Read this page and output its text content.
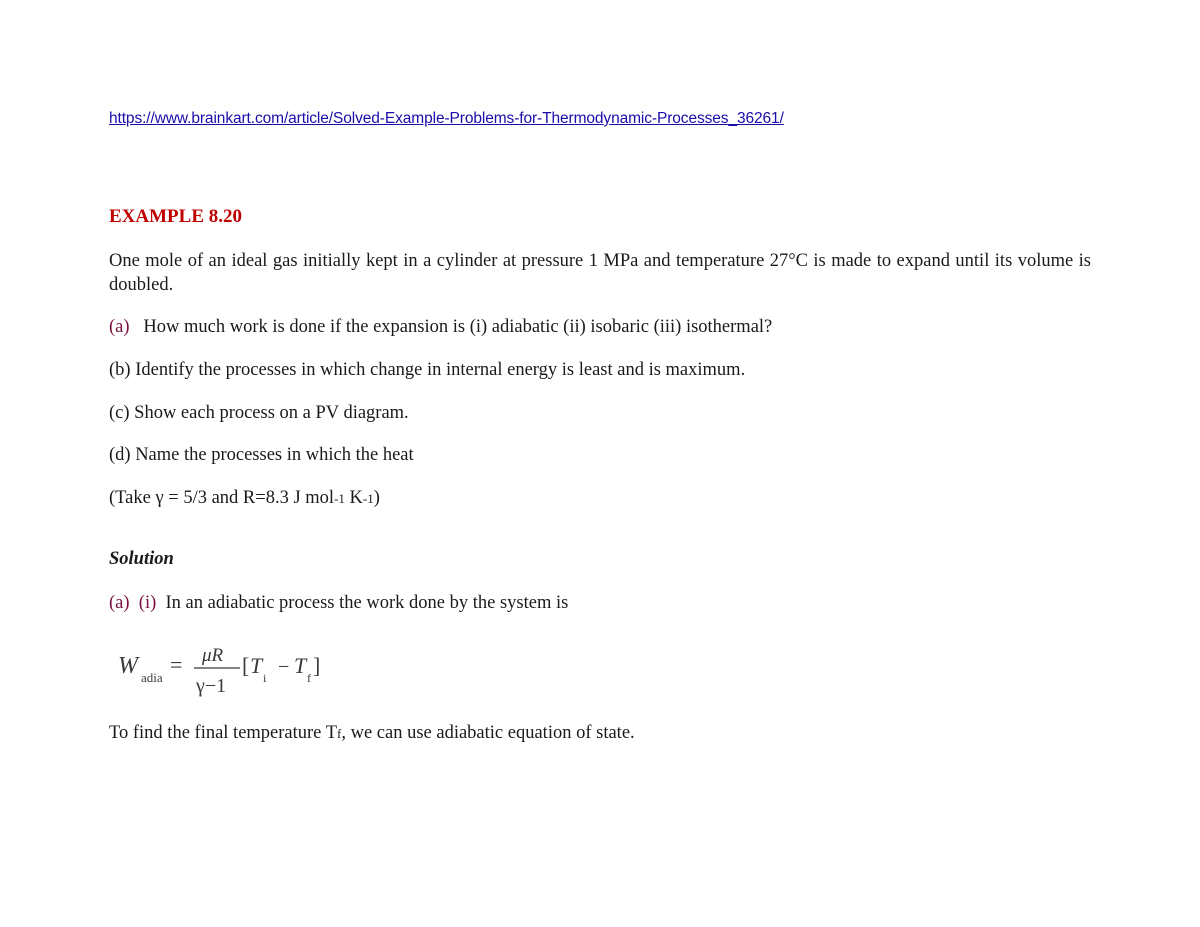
https://www.brainkart.com/article/Solved-Example-Problems-for-Thermodynamic-Processes_36261/
EXAMPLE 8.20
One mole of an ideal gas initially kept in a cylinder at pressure 1 MPa and temperature 27°C is made to expand until its volume is doubled.
(a) How much work is done if the expansion is (i) adiabatic (ii) isobaric (iii) isothermal?
(b) Identify the processes in which change in internal energy is least and is maximum.
(c) Show each process on a PV diagram.
(d) Name the processes in which the heat
(Take γ = 5/3 and R=8.3 J mol-1 K-1)
Solution
(a) (i) In an adiabatic process the work done by the system is
W adia
= μR
γ−1
[ T i − T f ]
To find the final temperature Tf, we can use adiabatic equation of state.
